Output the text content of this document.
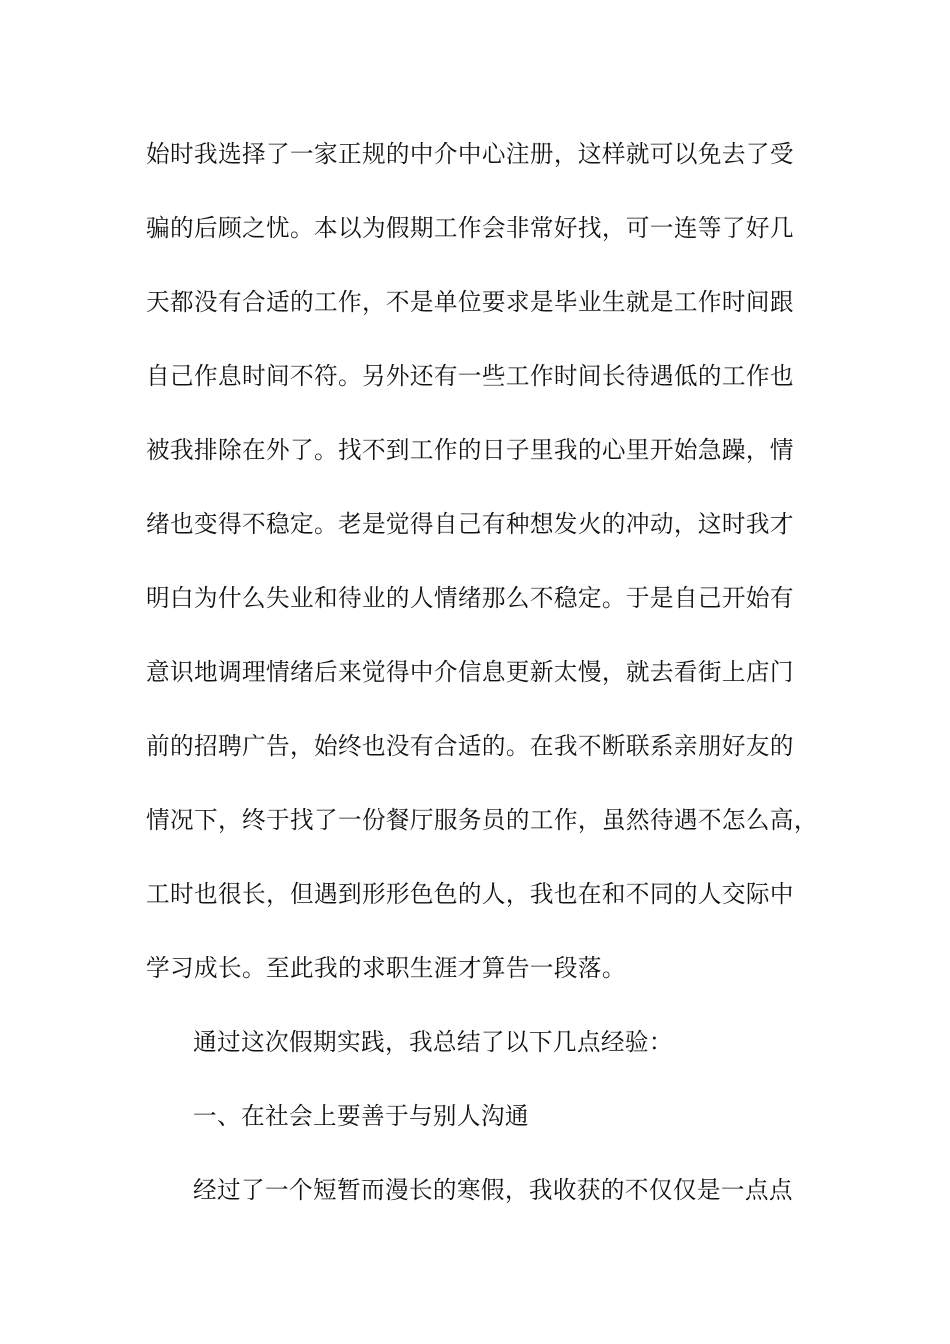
始时我选择了一家正规的中介中心注册，这样就可以免去了受
骗的后顾之忧。本以为假期工作会非常好找，可一连等了好几
天都没有合适的工作，不是单位要求是毕业生就是工作时间跟
自己作息时间不符。另外还有一些工作时间长待遇低的工作也
被我排除在外了。找不到工作的日子里我的心里开始急躁，情
绪也变得不稳定。老是觉得自己有种想发火的冲动，这时我才
明白为什么失业和待业的人情绪那么不稳定。于是自己开始有
意识地调理情绪后来觉得中介信息更新太慢，就去看街上店门
前的招聘广告，始终也没有合适的。在我不断联系亲朋好友的
情况下，终于找了一份餐厅服务员的工作，虽然待遇不怎么高，
工时也很长，但遇到形形色色的人，我也在和不同的人交际中
学习成长。至此我的求职生涯才算告一段落。
通过这次假期实践，我总结了以下几点经验：
一、在社会上要善于与别人沟通
经过了一个短暂而漫长的寒假，我收获的不仅仅是一点点
